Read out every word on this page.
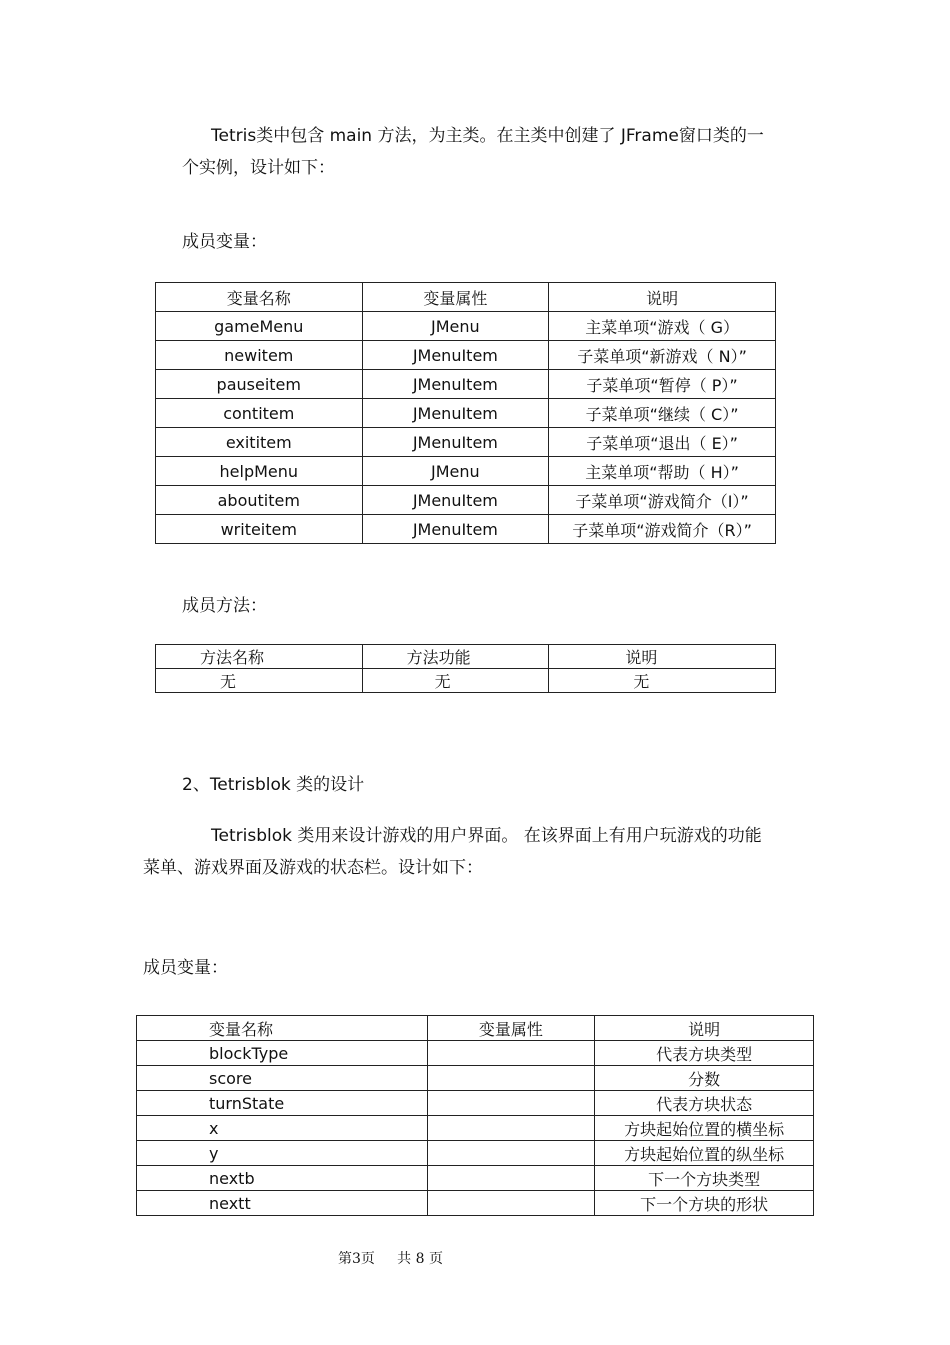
Tetris类中包含 main 方法，为主类。在主类中创建了 JFrame窗口类的一
个实例，设计如下：
成员变量：
变量名称	变量属性	说明
gameMenu	JMenu	主菜单项“游戏（ G）
newitem	JMenuItem	子菜单项“新游戏（ N）”
pauseitem	JMenuItem	子菜单项“暂停（ P）”
contitem	JMenuItem	子菜单项“继续（ C）”
exititem	JMenuItem	子菜单项“退出（ E）”
helpMenu	JMenu	主菜单项“帮助（ H）”
aboutitem	JMenuItem	子菜单项“游戏简介（I）”
writeitem	JMenuItem	子菜单项“游戏简介（R）”
成员方法：
方法名称	方法功能	说明
无	无	无
2、Tetrisblok 类的设计
Tetrisblok 类用来设计游戏的用户界面。 在该界面上有用户玩游戏的功能
菜单、游戏界面及游戏的状态栏。设计如下：
成员变量：
变量名称	变量属性	说明
blockType		代表方块类型
score		分数
turnState		代表方块状态
x		方块起始位置的横坐标
y		方块起始位置的纵坐标
nextb		下一个方块类型
nextt		下一个方块的形状
第3页     共 8 页
